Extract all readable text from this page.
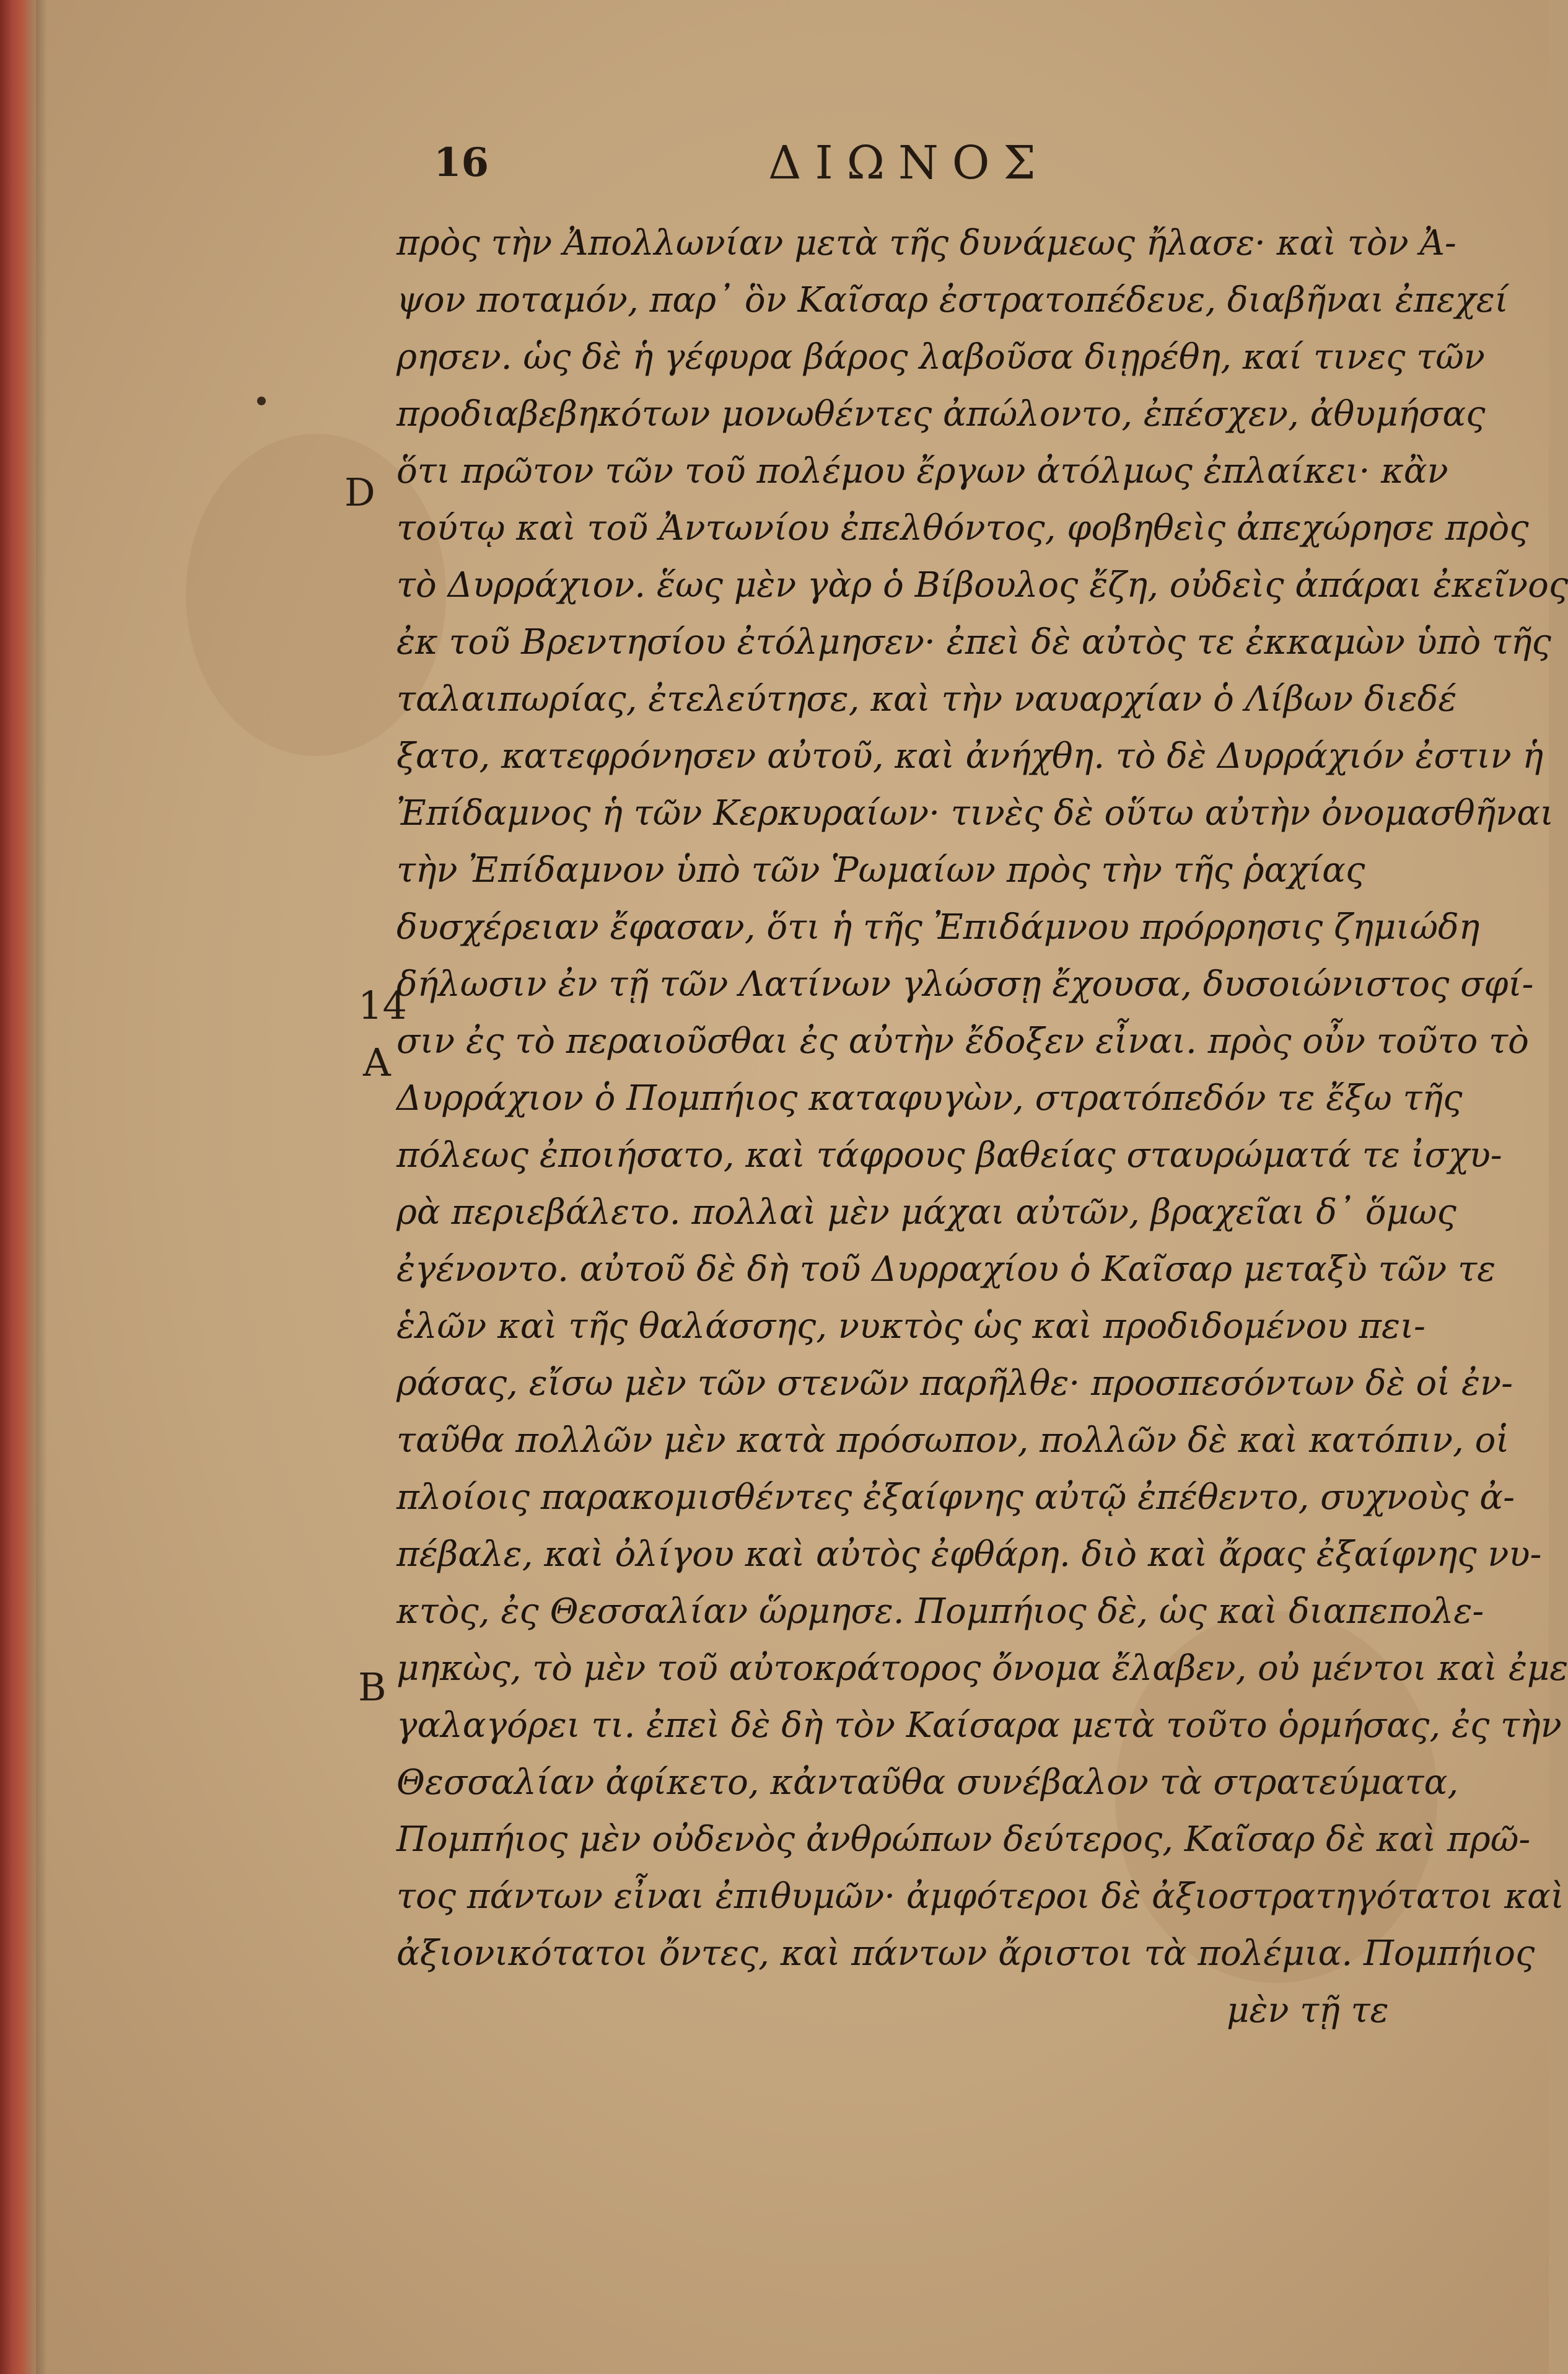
16	ΔΙΩΝΟΣ
D
14
A
B
πρὸς τὴν Ἀπολλωνίαν μετὰ τῆς δυνάμεως ἤλασε· καὶ τὸν Ἀ-
ψον ποταμόν, παρ᾽ ὃν Καῖσαρ ἐστρατοπέδευε, διαβῆναι ἐπεχεί
ρησεν. ὡς δὲ ἡ γέφυρα βάρος λαβοῦσα διῃρέθη, καί τινες τῶν
προδιαβεβηκότων μονωθέντες ἀπώλοντο, ἐπέσχεν, ἀθυμήσας
ὅτι πρῶτον τῶν τοῦ πολέμου ἔργων ἀτόλμως ἐπλαίκει· κἂν
τούτῳ καὶ τοῦ Ἀντωνίου ἐπελθόντος, φοβηθεὶς ἀπεχώρησε πρὸς
τὸ Δυρράχιον. ἕως μὲν γὰρ ὁ Βίβουλος ἔζη, οὐδεὶς ἀπάραι ἐκεῖνος
ἐκ τοῦ Βρεντησίου ἐτόλμησεν· ἐπεὶ δὲ αὐτὸς τε ἐκκαμὼν ὑπὸ τῆς
ταλαιπωρίας, ἐτελεύτησε, καὶ τὴν ναυαρχίαν ὁ Λίβων διεδέ
ξατο, κατεφρόνησεν αὐτοῦ, καὶ ἀνήχθη. τὸ δὲ Δυρράχιόν ἐστιν ἡ
Ἐπίδαμνος ἡ τῶν Κερκυραίων· τινὲς δὲ οὕτω αὐτὴν ὀνομασθῆναι
τὴν Ἐπίδαμνον ὑπὸ τῶν Ῥωμαίων πρὸς τὴν τῆς ῥαχίας
δυσχέρειαν ἔφασαν, ὅτι ἡ τῆς Ἐπιδάμνου πρόρρησις ζημιώδη
δήλωσιν ἐν τῇ τῶν Λατίνων γλώσσῃ ἔχουσα, δυσοιώνιστος σφί-
σιν ἐς τὸ περαιοῦσθαι ἐς αὐτὴν ἔδοξεν εἶναι. πρὸς οὖν τοῦτο τὸ
Δυρράχιον ὁ Πομπήιος καταφυγὼν, στρατόπεδόν τε ἔξω τῆς
πόλεως ἐποιήσατο, καὶ τάφρους βαθείας σταυρώματά τε ἰσχυ-
ρὰ περιεβάλετο. πολλαὶ μὲν μάχαι αὐτῶν, βραχεῖαι δ᾽ ὅμως
ἐγένοντο. αὐτοῦ δὲ δὴ τοῦ Δυρραχίου ὁ Καῖσαρ μεταξὺ τῶν τε
ἑλῶν καὶ τῆς θαλάσσης, νυκτὸς ὡς καὶ προδιδομένου πει-
ράσας, εἴσω μὲν τῶν στενῶν παρῆλθε· προσπεσόντων δὲ οἱ ἐν-
ταῦθα πολλῶν μὲν κατὰ πρόσωπον, πολλῶν δὲ καὶ κατόπιν, οἱ
πλοίοις παρακομισθέντες ἐξαίφνης αὐτῷ ἐπέθεντο, συχνοὺς ἀ-
πέβαλε, καὶ ὀλίγου καὶ αὐτὸς ἐφθάρη. διὸ καὶ ἄρας ἐξαίφνης νυ-
κτὸς, ἐς Θεσσαλίαν ὥρμησε. Πομπήιος δὲ, ὡς καὶ διαπεπολε-
μηκὼς, τὸ μὲν τοῦ αὐτοκράτορος ὄνομα ἔλαβεν, οὐ μέντοι καὶ ἐμε
γαλαγόρει τι. ἐπεὶ δὲ δὴ τὸν Καίσαρα μετὰ τοῦτο ὁρμήσας, ἐς τὴν
Θεσσαλίαν ἀφίκετο, κἀνταῦθα συνέβαλον τὰ στρατεύματα,
Πομπήιος μὲν οὐδενὸς ἀνθρώπων δεύτερος, Καῖσαρ δὲ καὶ πρῶ-
τος πάντων εἶναι ἐπιθυμῶν· ἀμφότεροι δὲ ἀξιοστρατηγότατοι καὶ
ἀξιονικότατοι ὄντες, καὶ πάντων ἄριστοι τὰ πολέμια. Πομπήιος
μὲν τῇ τε
